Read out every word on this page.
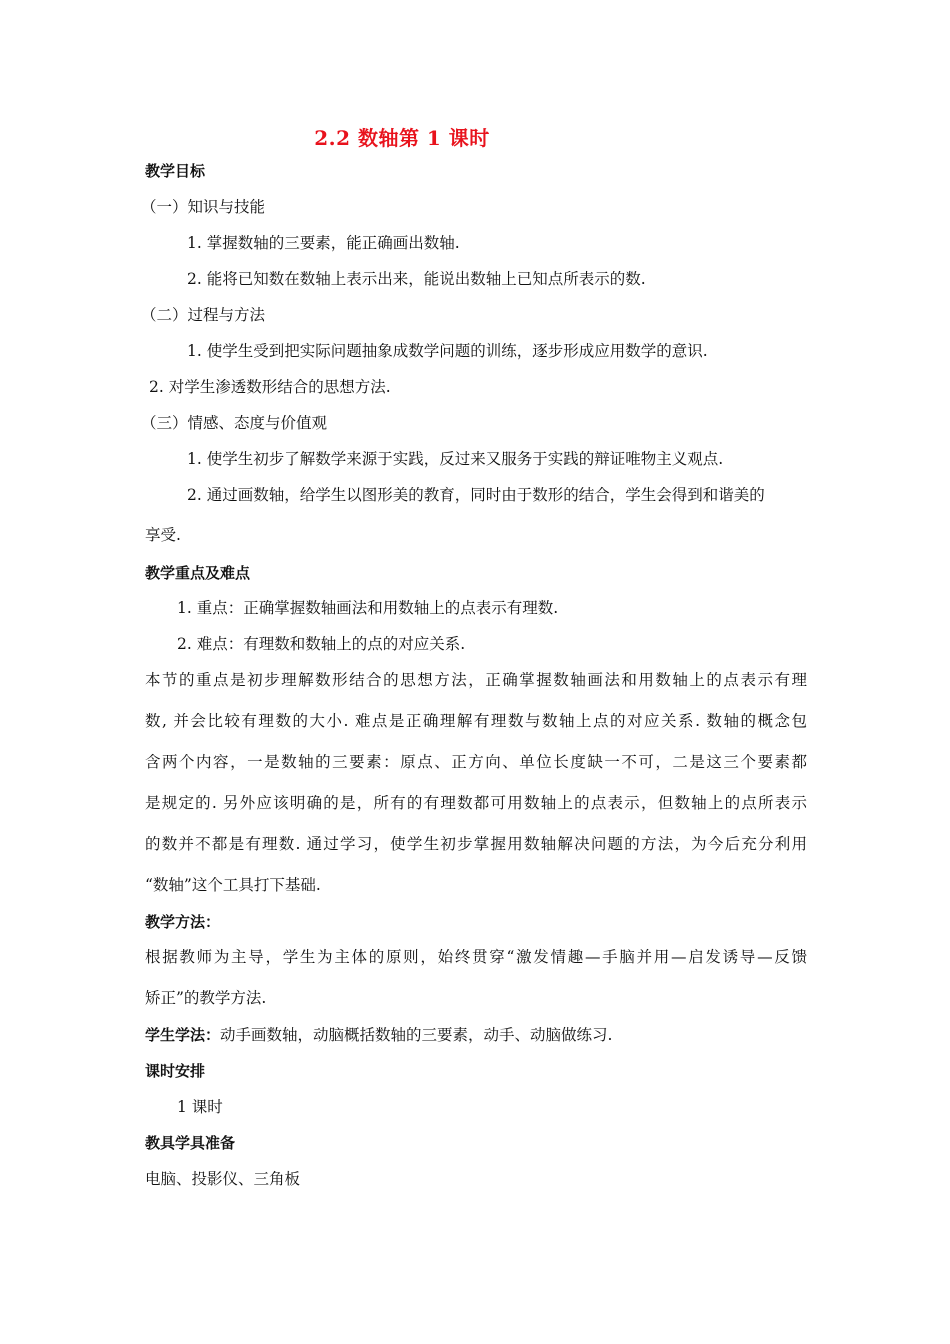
2.2 数轴第 1 课时
教学目标
（一）知识与技能
1. 掌握数轴的三要素，能正确画出数轴.
2. 能将已知数在数轴上表示出来，能说出数轴上已知点所表示的数.
（二）过程与方法
1. 使学生受到把实际问题抽象成数学问题的训练，逐步形成应用数学的意识.
2. 对学生渗透数形结合的思想方法.
（三）情感、态度与价值观
1. 使学生初步了解数学来源于实践，反过来又服务于实践的辩证唯物主义观点.
2. 通过画数轴，给学生以图形美的教育，同时由于数形的结合，学生会得到和谐美的
享受.
教学重点及难点
1. 重点：正确掌握数轴画法和用数轴上的点表示有理数.
2. 难点：有理数和数轴上的点的对应关系.
本节的重点是初步理解数形结合的思想方法，正确掌握数轴画法和用数轴上的点表示有理
数, 并会比较有理数的大小. 难点是正确理解有理数与数轴上点的对应关系. 数轴的概念包
含两个内容，一是数轴的三要素：原点、正方向、单位长度缺一不可，二是这三个要素都
是规定的. 另外应该明确的是，所有的有理数都可用数轴上的点表示，但数轴上的点所表示
的数并不都是有理数. 通过学习，使学生初步掌握用数轴解决问题的方法，为今后充分利用
“数轴”这个工具打下基础.
教学方法：
根据教师为主导，学生为主体的原则，始终贯穿“激发情趣—手脑并用—启发诱导—反馈
矫正”的教学方法.
学生学法：动手画数轴，动脑概括数轴的三要素，动手、动脑做练习.
课时安排
1 课时
教具学具准备
电脑、投影仪、三角板
